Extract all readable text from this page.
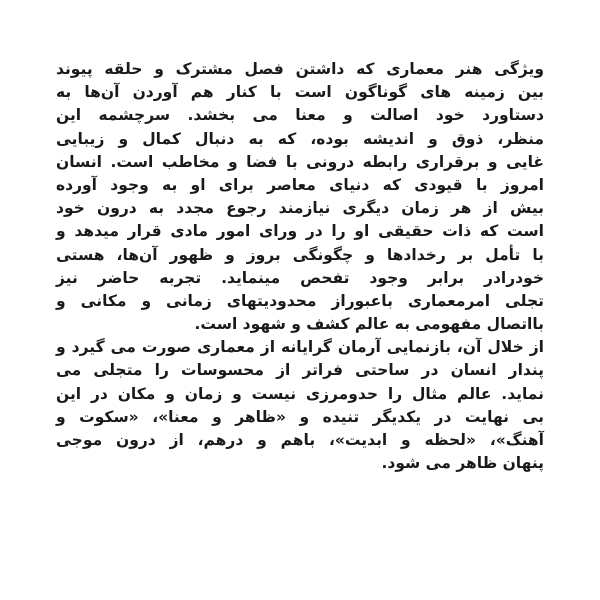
ویژگی هنر معماری که داشتن فصل مشترک و حلقه پیوند
بین زمینه های گوناگون است با کنار هم آوردن آن‌ها به
دستاورد خود اصالت و معنا می بخشد. سرچشمه این
منظر، ذوق و اندیشه بوده، که به دنبال کمال و زیبایی
غایی و برقراری رابطه درونی با فضا و مخاطب است. انسان
امروز با قیودی که دنیای معاصر برای او به وجود آورده
بیش از هر زمان دیگری نیازمند رجوع مجدد به درون خود
است که ذات حقیقی او را در ورای امور مادی قرار میدهد و
با تأمل بر رخدادها و چگونگی بروز و ظهور آن‌ها، هستی
خودرادر برابر وجود تفحص مینماید. تجربه حاضر نیز
تجلی امرمعماری باعبوراز محدودیتهای زمانی و مکانی و
بااتصال مفهومی به عالم کشف و شهود است.
از خلال آن، بازنمایی آرمان گرایانه از معماری صورت می گیرد و
پندار انسان در ساحتی فراتر از محسوسات را متجلی می
نماید. عالم مثال را حدومرزی نیست و زمان و مکان در این
بی نهایت در یکدیگر تنیده و «ظاهر و معنا»، «سکوت و
آهنگ»، «لحظه و ابدیت»، باهم و درهم، از درون موجی
پنهان ظاهر می شود.
